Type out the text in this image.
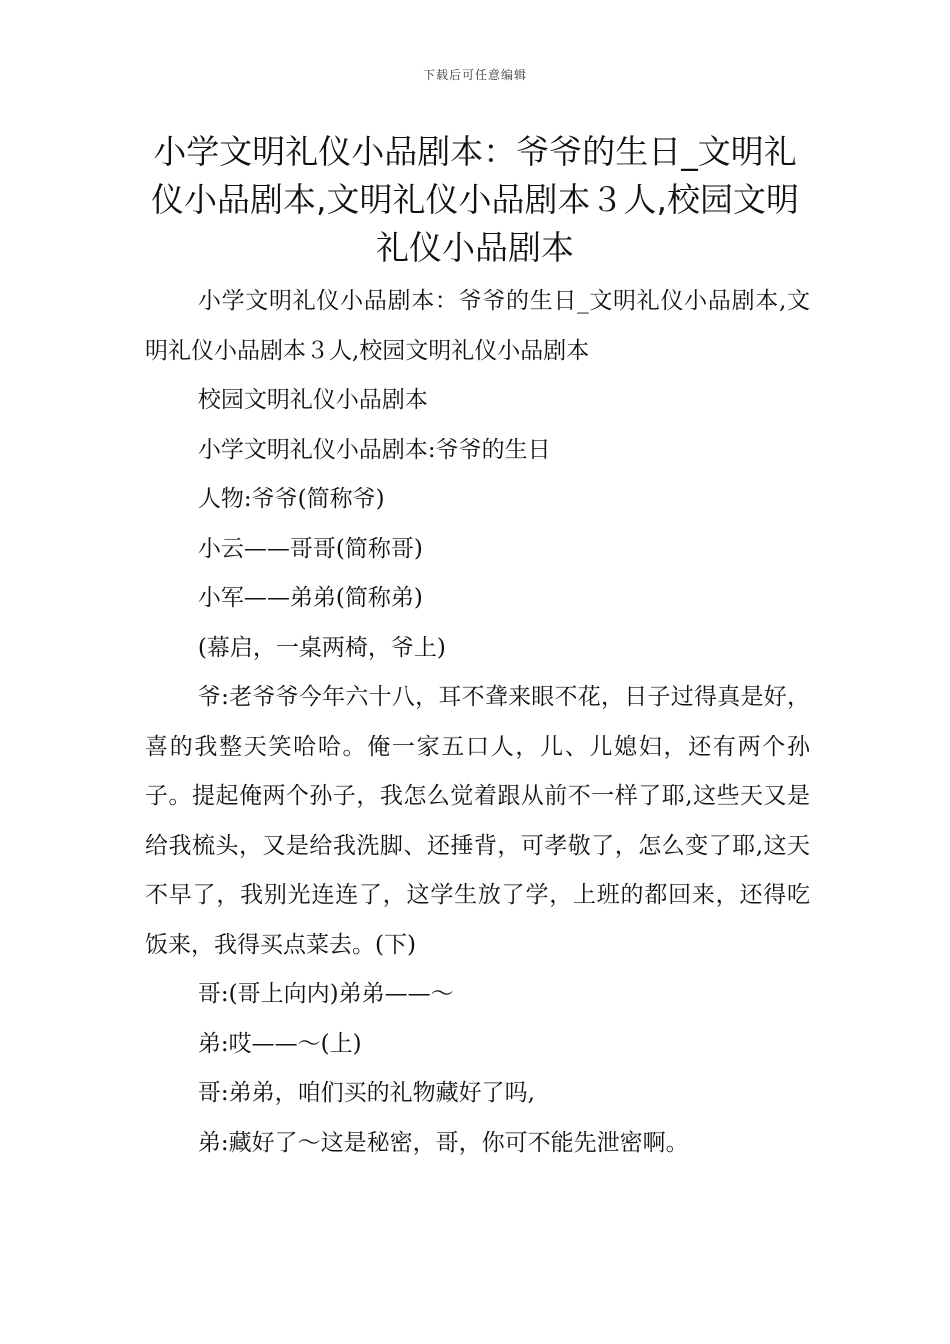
下载后可任意编辑
小学文明礼仪小品剧本：爷爷的生日_文明礼仪小品剧本,文明礼仪小品剧本３人,校园文明礼仪小品剧本

小学文明礼仪小品剧本：爷爷的生日_文明礼仪小品剧本,文明礼仪小品剧本３人,校园文明礼仪小品剧本

校园文明礼仪小品剧本

小学文明礼仪小品剧本:爷爷的生日

人物:爷爷(简称爷)

小云——哥哥(简称哥)

小军——弟弟(简称弟)

(幕启，一桌两椅，爷上)

爷:老爷爷今年六十八，耳不聋来眼不花，日子过得真是好，喜的我整天笑哈哈。俺一家五口人，儿、儿媳妇，还有两个孙子。提起俺两个孙子，我怎么觉着跟从前不一样了耶,这些天又是给我梳头，又是给我洗脚、还捶背，可孝敬了，怎么变了耶,这天不早了，我别光连连了，这学生放了学，上班的都回来，还得吃饭来，我得买点菜去。(下)

哥:(哥上向内)弟弟——～

弟:哎——～(上)

哥:弟弟，咱们买的礼物藏好了吗,

弟:藏好了～这是秘密，哥，你可不能先泄密啊。
